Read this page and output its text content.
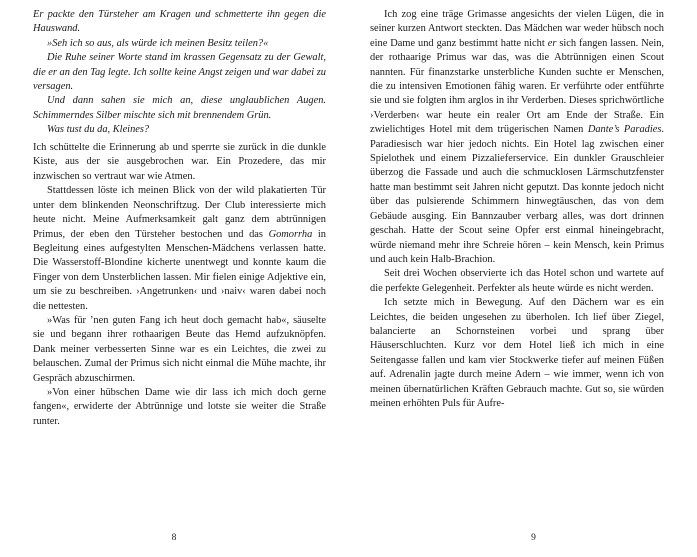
Er packte den Türsteher am Kragen und schmetterte ihn gegen die Hauswand.

»Seh ich so aus, als würde ich meinen Besitz teilen?«

Die Ruhe seiner Worte stand im krassen Gegensatz zu der Gewalt, die er an den Tag legte. Ich sollte keine Angst zeigen und war dabei zu versagen.

Und dann sahen sie mich an, diese unglaublichen Augen. Schimmerndes Silber mischte sich mit brennendem Grün.

Was tust du da, Kleines?

Ich schüttelte die Erinnerung ab und sperrte sie zurück in die dunkle Kiste, aus der sie ausgebrochen war. Ein Prozedere, das mir inzwischen so vertraut war wie Atmen.

Stattdessen löste ich meinen Blick von der wild plakatierten Tür unter dem blinkenden Neonschriftzug. Der Club interessierte mich heute nicht. Meine Aufmerksamkeit galt ganz dem abtrünnigen Primus, der eben den Türsteher bestochen und das Gomorrha in Begleitung eines aufgestylten Menschen-Mädchens verlassen hatte. Die Wasserstoff-Blondine kicherte unentwegt und konnte kaum die Finger von dem Unsterblichen lassen. Mir fielen einige Adjektive ein, um sie zu beschreiben. ›Angetrunken‹ und ›naiv‹ waren dabei noch die nettesten.

»Was für ’nen guten Fang ich heut doch gemacht hab«, säuselte sie und begann ihrer rothaarigen Beute das Hemd aufzuknöpfen. Dank meiner verbesserten Sinne war es ein Leichtes, die zwei zu belauschen. Zumal der Primus sich nicht einmal die Mühe machte, ihr Gespräch abzuschirmen.

»Von einer hübschen Dame wie dir lass ich mich doch gerne fangen«, erwiderte der Abtrünnige und lotste sie weiter die Straße runter.

8

Ich zog eine träge Grimasse angesichts der vielen Lügen, die in seiner kurzen Antwort steckten. Das Mädchen war weder hübsch noch eine Dame und ganz bestimmt hatte nicht er sich fangen lassen. Nein, der rothaarige Primus war das, was die Abtrünnigen einen Scout nannten. Für finanzstarke unsterbliche Kunden suchte er Menschen, die zu intensiven Emotionen fähig waren. Er verführte oder entführte sie und sie folgten ihm arglos in ihr Verderben. Dieses sprichwörtliche ›Verderben‹ war heute ein realer Ort am Ende der Straße. Ein zwielichtiges Hotel mit dem trügerischen Namen Dante’s Paradies. Paradiesisch war hier jedoch nichts. Ein Hotel lag zwischen einer Spielothek und einem Pizzalieferservice. Ein dunkler Grauschleier überzog die Fassade und auch die schmucklosen Lärmschutzfenster hatte man bestimmt seit Jahren nicht geputzt. Das konnte jedoch nicht über das pulsierende Schimmern hinwegtäuschen, das von dem Gebäude ausging. Ein Bannzauber verbarg alles, was dort drinnen geschah. Hatte der Scout seine Opfer erst einmal hineingebracht, würde niemand mehr ihre Schreie hören – kein Mensch, kein Primus und auch kein Halb-Brachion.

Seit drei Wochen observierte ich das Hotel schon und wartete auf die perfekte Gelegenheit. Perfekter als heute würde es nicht werden.

Ich setzte mich in Bewegung. Auf den Dächern war es ein Leichtes, die beiden ungesehen zu überholen. Ich lief über Ziegel, balancierte an Schornsteinen vorbei und sprang über Häuserschluchten. Kurz vor dem Hotel ließ ich mich in eine Seitengasse fallen und kam vier Stockwerke tiefer auf meinen Füßen auf. Adrenalin jagte durch meine Adern – wie immer, wenn ich von meinen übernatürlichen Kräften Gebrauch machte. Gut so, sie würden meinen erhöhten Puls für Aufre-

9
